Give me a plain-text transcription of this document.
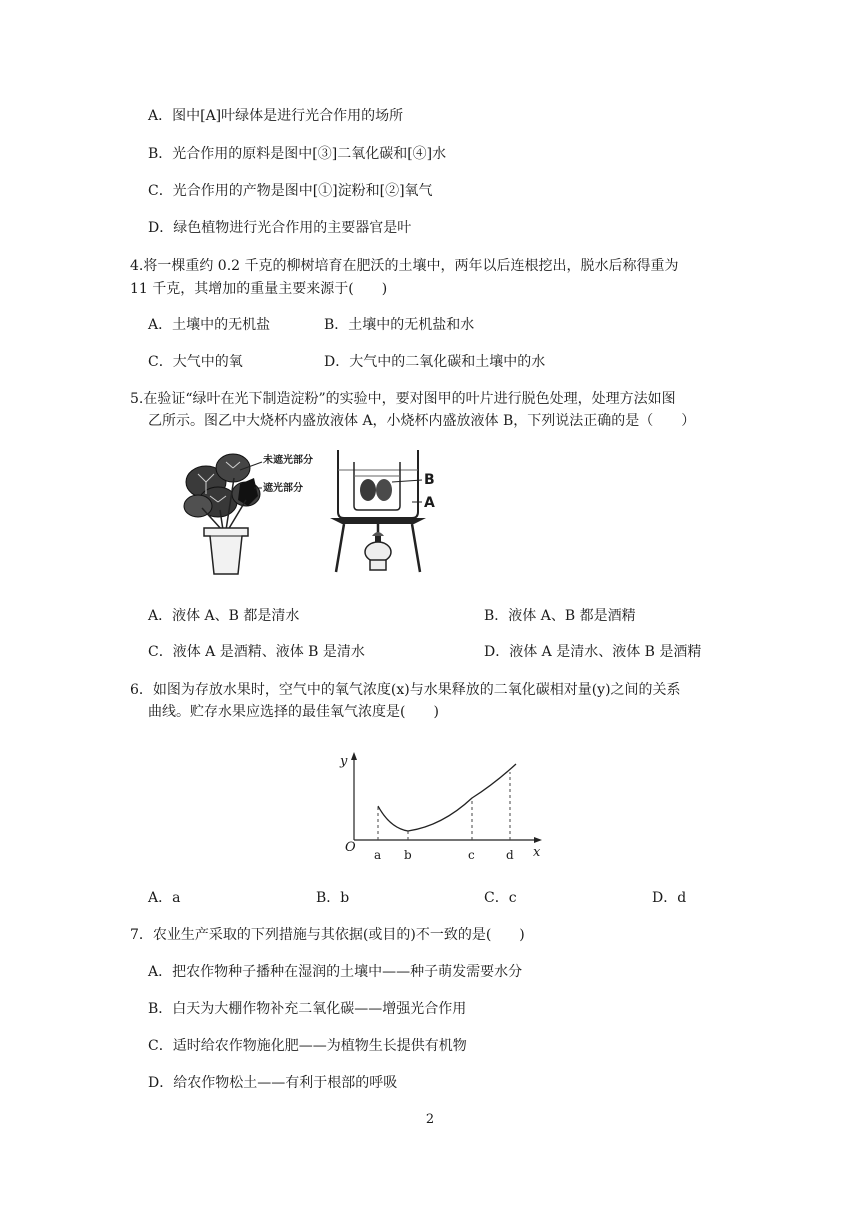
A．图中[A]叶绿体是进行光合作用的场所
B．光合作用的原料是图中[③]二氧化碳和[④]水
C．光合作用的产物是图中[①]淀粉和[②]氧气
D．绿色植物进行光合作用的主要器官是叶
4.将一棵重约 0.2 千克的柳树培育在肥沃的土壤中，两年以后连根挖出，脱水后称得重为
11 千克，其增加的重量主要来源于(　　)
A．土壤中的无机盐	B．土壤中的无机盐和水
C．大气中的氧	D．大气中的二氧化碳和土壤中的水
5.在验证“绿叶在光下制造淀粉”的实验中，要对图甲的叶片进行脱色处理，处理方法如图
乙所示。图乙中大烧杯内盛放液体 A，小烧杯内盛放液体 B，下列说法正确的是（　　）
未遮光部分
遮光部分
B
A
A．液体 A、B 都是清水	B．液体 A、B 都是酒精
C．液体 A 是酒精、液体 B 是清水	D．液体 A 是清水、液体 B 是酒精
6．如图为存放水果时，空气中的氧气浓度(x)与水果释放的二氧化碳相对量(y)之间的关系
曲线。贮存水果应选择的最佳氧气浓度是(　　)
y
O	x
a b	c	d
A．a	B．b	C．c	D．d
7．农业生产采取的下列措施与其依据(或目的)不一致的是(　　)
A．把农作物种子播种在湿润的土壤中——种子萌发需要水分
B．白天为大棚作物补充二氧化碳——增强光合作用
C．适时给农作物施化肥——为植物生长提供有机物
D．给农作物松土——有利于根部的呼吸
2
